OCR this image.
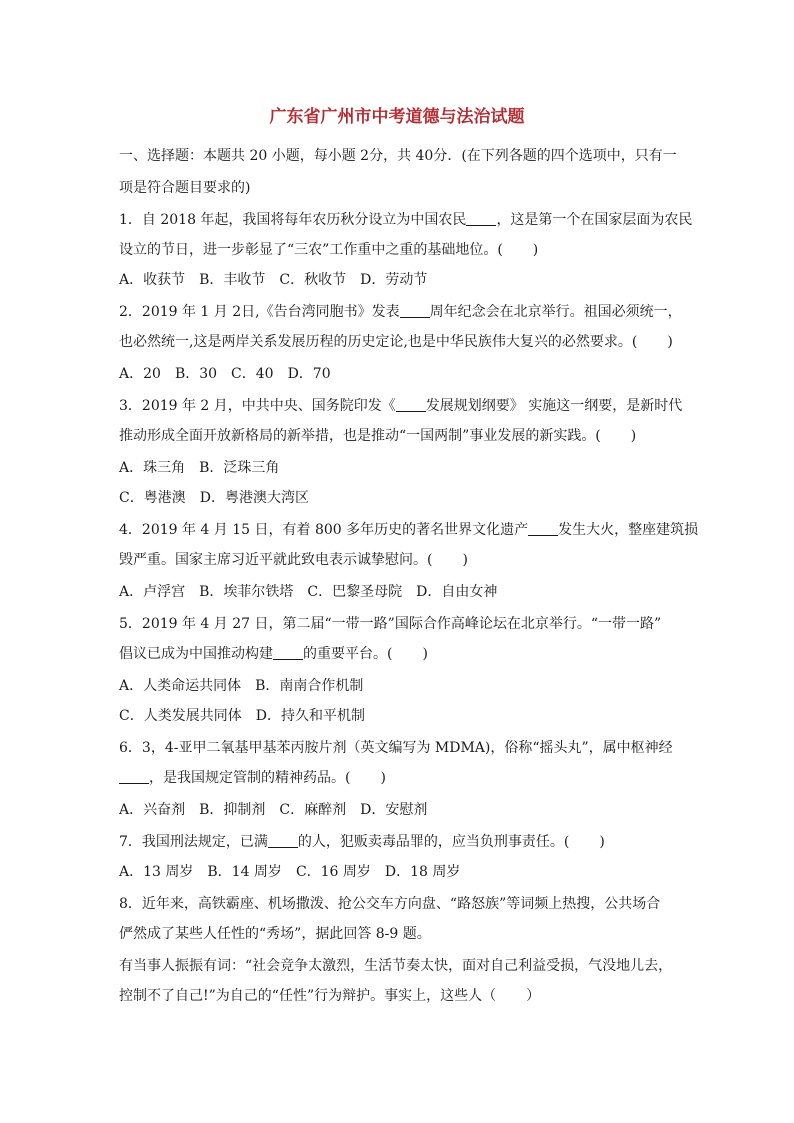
广东省广州市中考道德与法治试题
一、选择题：本题共 20 小题，每小题 2分，共 40分．(在下列各题的四个选项中，只有一
项是符合题目要求的)
1．自 2018 年起，我国将每年农历秋分设立为中国农民 ，这是第一个在国家层面为农民
设立的节日，进一步彰显了“三农”工作重中之重的基础地位。( )
A．收获节 B．丰收节 C．秋收节 D．劳动节
2．2019 年 1 月 2日,《告台湾同胞书》发表 周年纪念会在北京举行。祖国必须统一，
也必然统一,这是两岸关系发展历程的历史定论,也是中华民族伟大复兴的必然要求。( )
A．20 B．30 C．40 D．70
3．2019 年 2 月，中共中央、国务院印发《 发展规划纲要》 实施这一纲要，是新时代
推动形成全面开放新格局的新举措，也是推动“一国两制”事业发展的新实践。( )
A．珠三角 B．泛珠三角
C．粤港澳 D．粤港澳大湾区
4．2019 年 4 月 15 日，有着 800 多年历史的著名世界文化遗产 发生大火，整座建筑损
毁严重。国家主席习近平就此致电表示诚挚慰问。( )
A．卢浮宫 B．埃菲尔铁塔 C．巴黎圣母院 D．自由女神
5．2019 年 4 月 27 日，第二届“一带一路”国际合作高峰论坛在北京举行。“一带一路”
倡议已成为中国推动构建 的重要平台。( )
A．人类命运共同体 B．南南合作机制
C．人类发展共同体 D．持久和平机制
6．3，4-亚甲二氧基甲基苯丙胺片剂（英文编写为 MDMA)，俗称“摇头丸”，属中枢神经
，是我国规定管制的精神药品。( )
A．兴奋剂 B．抑制剂 C．麻醉剂 D．安慰剂
7．我国刑法规定，已满 的人，犯贩卖毒品罪的，应当负刑事责任。( )
A．13 周岁 B．14 周岁 C．16 周岁 D．18 周岁
8．近年来，高铁霸座、机场撒泼、抢公交车方向盘、“路怒族”等词频上热搜，公共场合
俨然成了某些人任性的“秀场”，据此回答 8-9 题。
有当事人振振有词：“社会竞争太激烈，生活节奏太快，面对自己利益受损，气没地儿去，
控制不了自己!”为自己的“任性”行为辩护。事实上，这些人（ ）
